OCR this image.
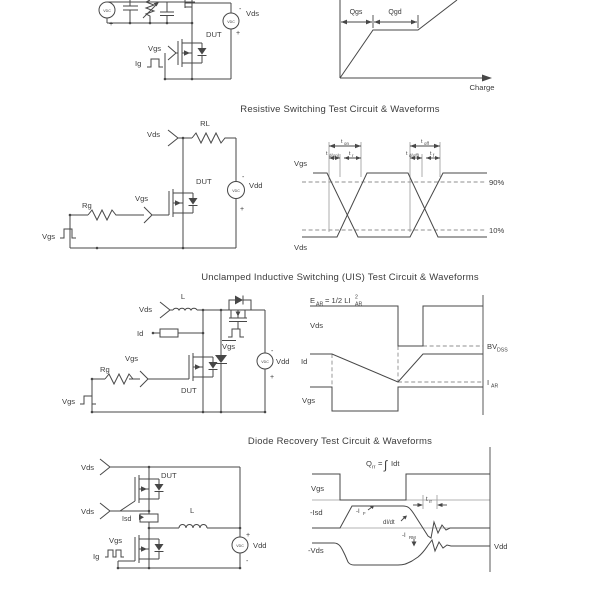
VDC
VDC
+
- Vds
+
DUT
Vgs
Ig
Qgs	Qgd
Charge
Resistive Switching Test Circuit & Waveforms
RL
Vds
-
Vdd
+
VDC
DUT
Vgs
Rg
Vgs
t on
t d(on) t r
t off
t d(off) t f
Vgs
Vds
90%
10%
Unclamped Inductive Switching (UIS) Test Circuit & Waveforms
L
Vds
Id
Vgs
-
Vdd
+
VDC
Vgs
Rg
DUT
Vgs
E AR = 1/2 LI AR
2
Vds
Id
Vgs
BV DSS
I AR
Diode Recovery Test Circuit & Waveforms
Vds
DUT
Vds
Isd
L
Vgs
Ig
+
Vdd
-
VDC
Q rr = ∫ Idt
Vgs
-Isd	-I F
dI/dt
t rr
-I RM
-Vds	Vdd
